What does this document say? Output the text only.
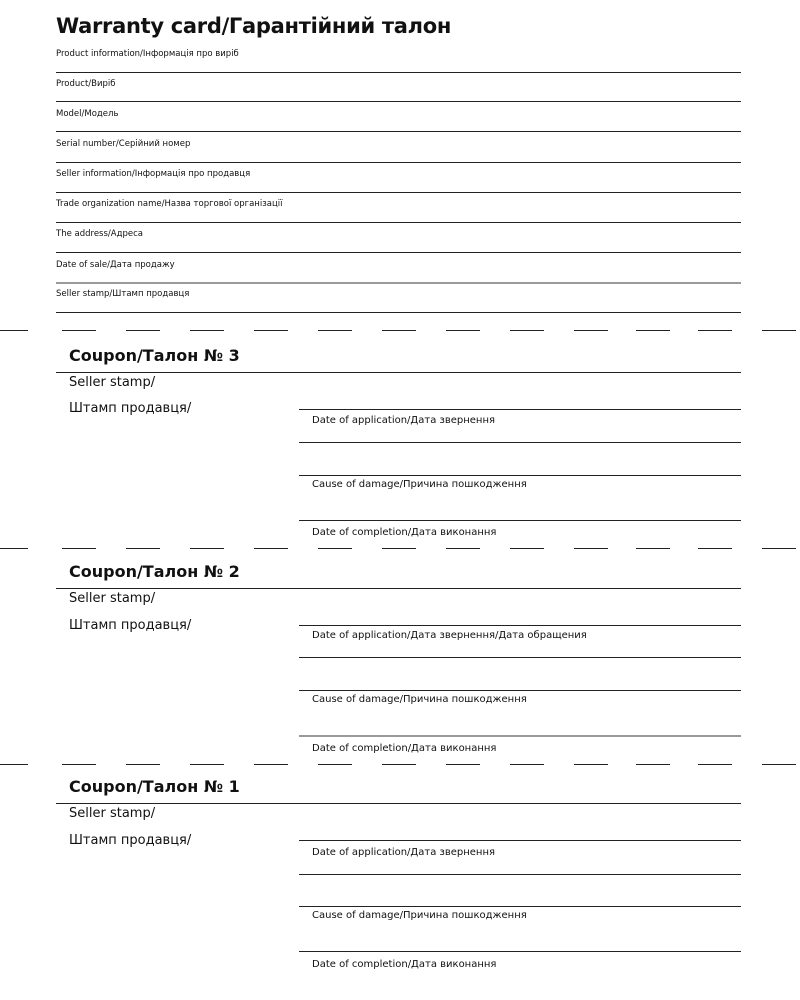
Warranty card/Гарантійний талон
Product information/Інформація про виріб
Product/Виріб
Model/Модель
Serial number/Серійний номер
Seller information/Інформація про продавця
Trade organization name/Назва торгової організації
The address/Адреса
Date of sale/Дата продажу
Seller stamp/Штамп продавця
Coupon/Талон № 3
Seller stamp/
Штамп продавця/
Date of application/Дата звернення
Cause of damage/Причина пошкодження
Date of completion/Дата виконання
Coupon/Талон № 2
Seller stamp/
Штамп продавця/
Date of application/Дата звернення/Дата обращения
Cause of damage/Причина пошкодження
Date of completion/Дата виконання
Coupon/Талон № 1
Seller stamp/
Штамп продавця/
Date of application/Дата звернення
Cause of damage/Причина пошкодження
Date of completion/Дата виконання
